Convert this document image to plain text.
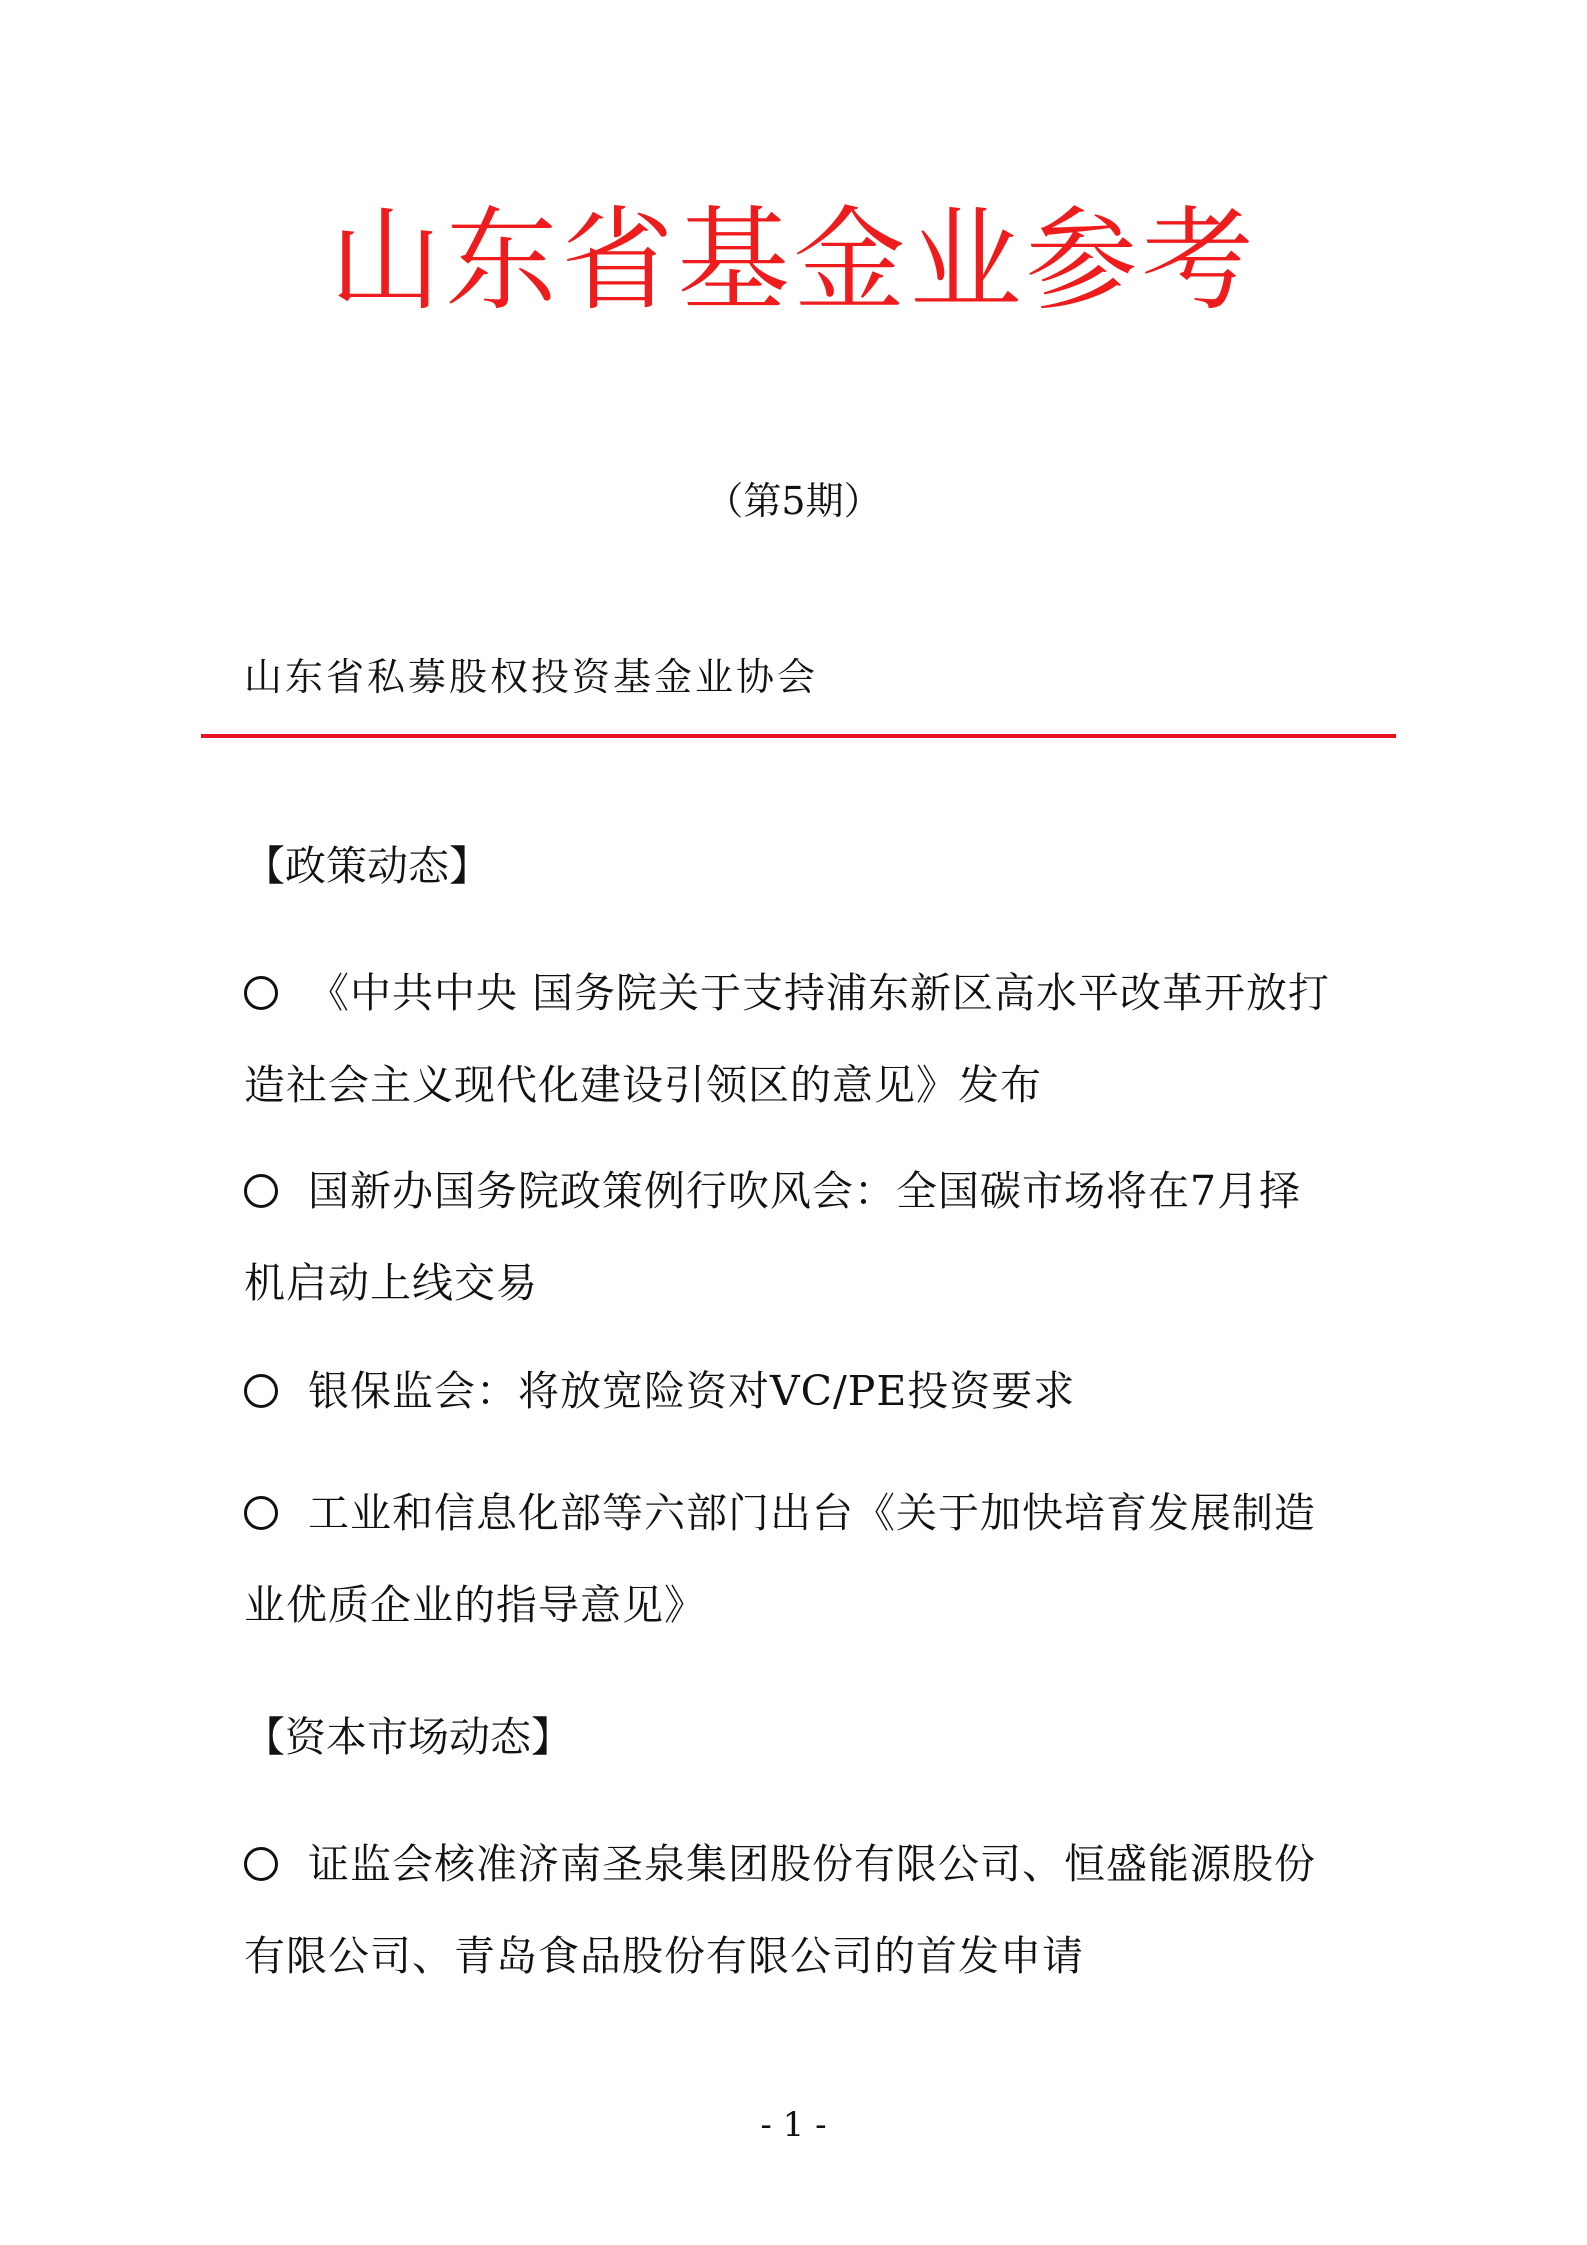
山东省基金业参考
（第5期）
山东省私募股权投资基金业协会
【政策动态】
《中共中央 国务院关于支持浦东新区高水平改革开放打
造社会主义现代化建设引领区的意见》发布
国新办国务院政策例行吹风会：全国碳市场将在7月择
机启动上线交易
银保监会：将放宽险资对VC/PE投资要求
工业和信息化部等六部门出台《关于加快培育发展制造
业优质企业的指导意见》
【资本市场动态】
证监会核准济南圣泉集团股份有限公司、恒盛能源股份
有限公司、青岛食品股份有限公司的首发申请
- 1 -
